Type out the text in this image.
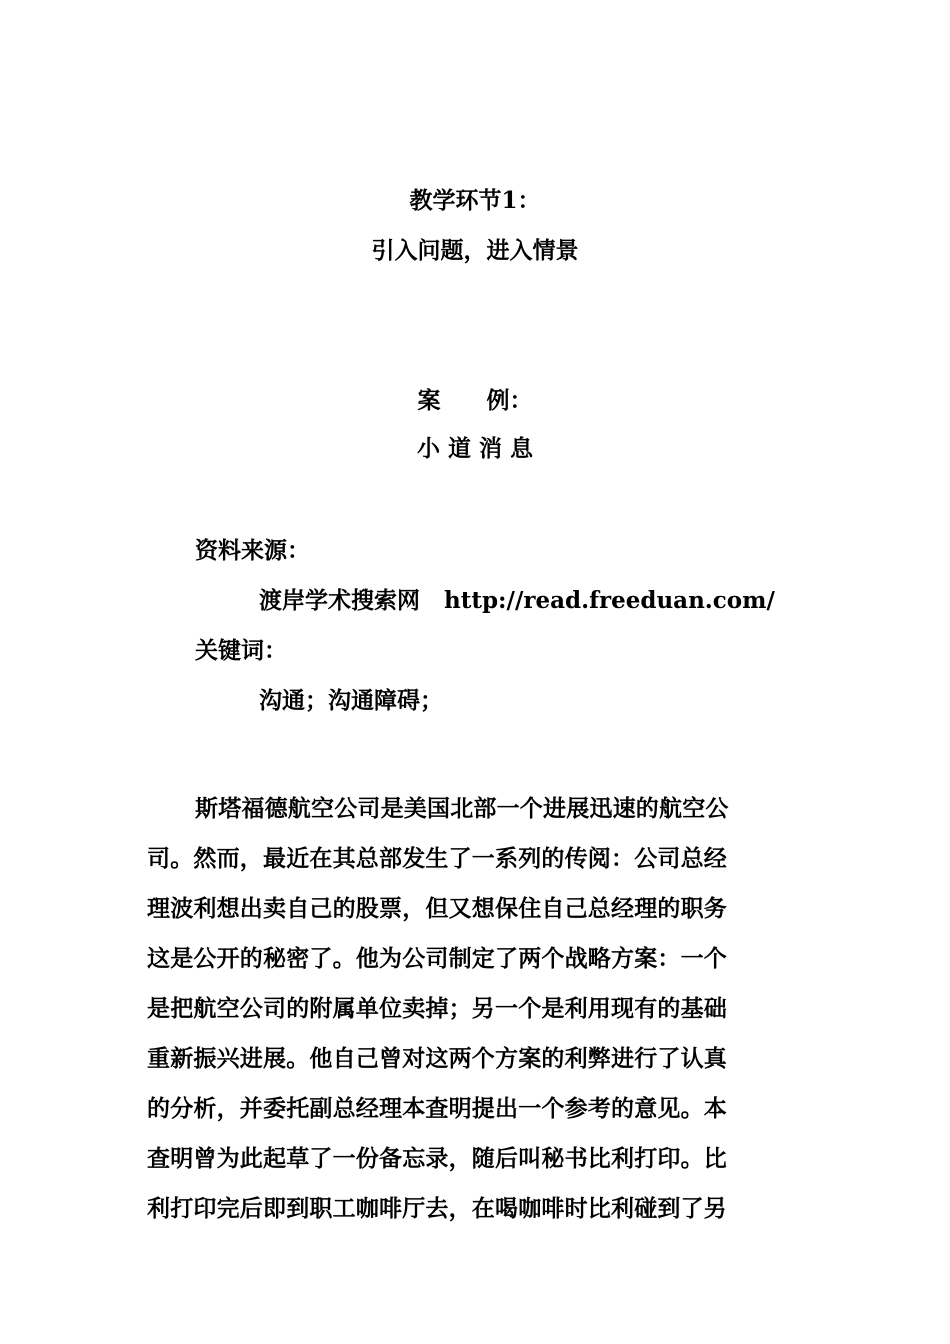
教学环节1：
引入问题，进入情景
案　　例：
小 道 消 息
资料来源：
渡岸学术搜索网 http://read.freeduan.com/
关键词：
沟通；沟通障碍；
斯塔福德航空公司是美国北部一个进展迅速的航空公
司。然而，最近在其总部发生了一系列的传阅：公司总经
理波利想出卖自己的股票，但又想保住自己总经理的职务
这是公开的秘密了。他为公司制定了两个战略方案：一个
是把航空公司的附属单位卖掉；另一个是利用现有的基础
重新振兴进展。他自己曾对这两个方案的利弊进行了认真
的分析，并委托副总经理本查明提出一个参考的意见。本
查明曾为此起草了一份备忘录，随后叫秘书比利打印。比
利打印完后即到职工咖啡厅去，在喝咖啡时比利碰到了另
